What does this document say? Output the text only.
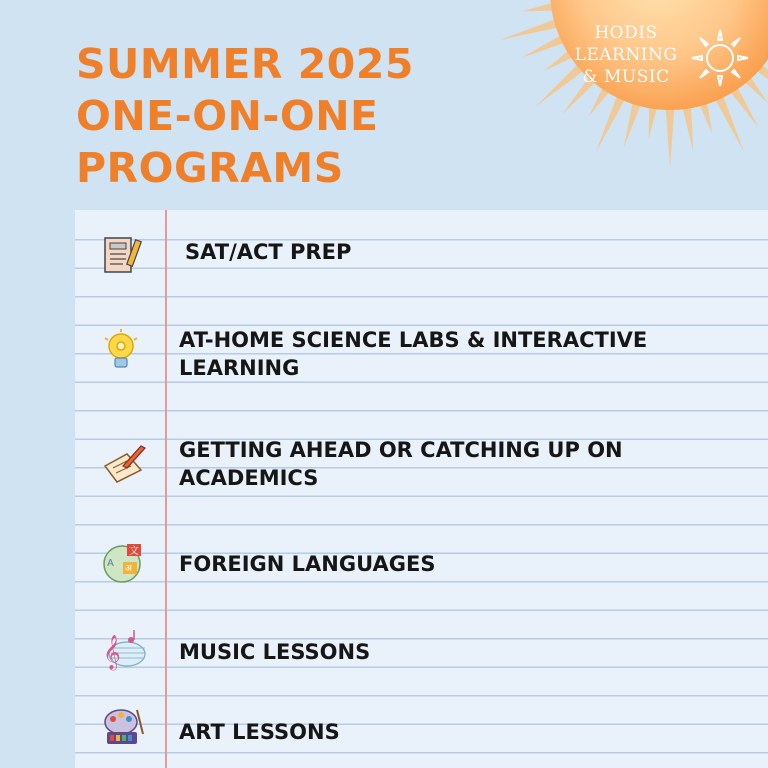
SUMMER 2025
ONE-ON-ONE
PROGRAMS
HODIS
LEARNING
& MUSIC

SAT/ACT PREP

AT-HOME SCIENCE LABS & INTERACTIVE
LEARNING

GETTING AHEAD OR CATCHING UP ON
ACADEMICS

文
अ
A	FOREIGN LANGUAGES

𝄞	MUSIC LESSONS

ART LESSONS
